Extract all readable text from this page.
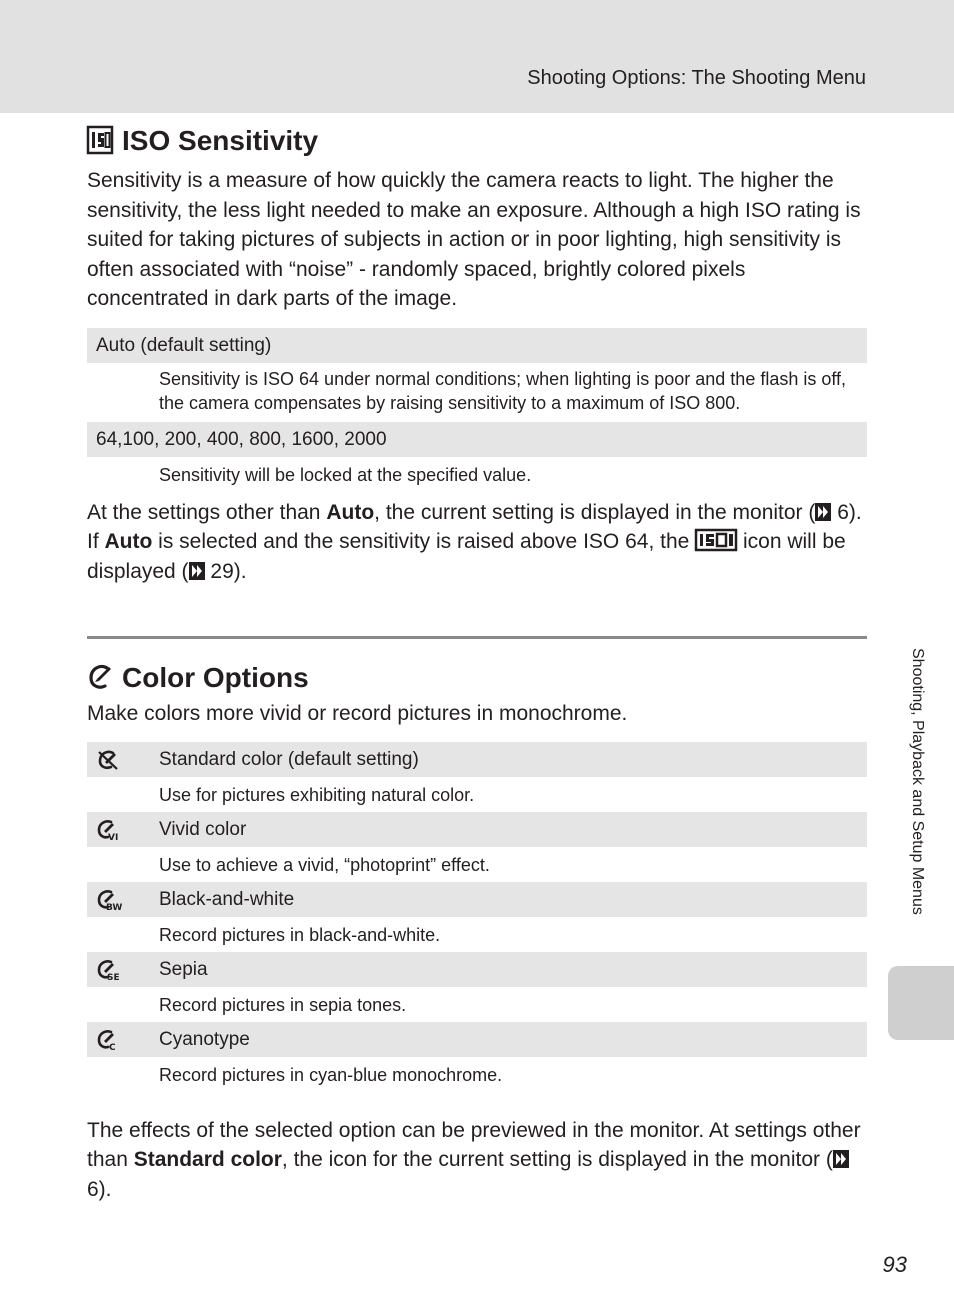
Shooting Options: The Shooting Menu
ISO Sensitivity

Sensitivity is a measure of how quickly the camera reacts to light. The higher the sensitivity, the less light needed to make an exposure. Although a high ISO rating is suited for taking pictures of subjects in action or in poor lighting, high sensitivity is often associated with “noise” - randomly spaced, brightly colored pixels concentrated in dark parts of the image.

Auto (default setting)
Sensitivity is ISO 64 under normal conditions; when lighting is poor and the flash is off, the camera compensates by raising sensitivity to a maximum of ISO 800.
64,100, 200, 400, 800, 1600, 2000
Sensitivity will be locked at the specified value.

At the settings other than Auto, the current setting is displayed in the monitor ( 6). If Auto is selected and the sensitivity is raised above ISO 64, the  icon will be displayed ( 29).

Color Options

Make colors more vivid or record pictures in monochrome.

Standard color (default setting)
Use for pictures exhibiting natural color.
VI Vivid color
Use to achieve a vivid, “photoprint” effect.
BW Black-and-white
Record pictures in black-and-white.
SE Sepia
Record pictures in sepia tones.
C Cyanotype
Record pictures in cyan-blue monochrome.

The effects of the selected option can be previewed in the monitor. At settings other than Standard color, the icon for the current setting is displayed in the monitor ( 6).

Shooting, Playback and Setup Menus
93
